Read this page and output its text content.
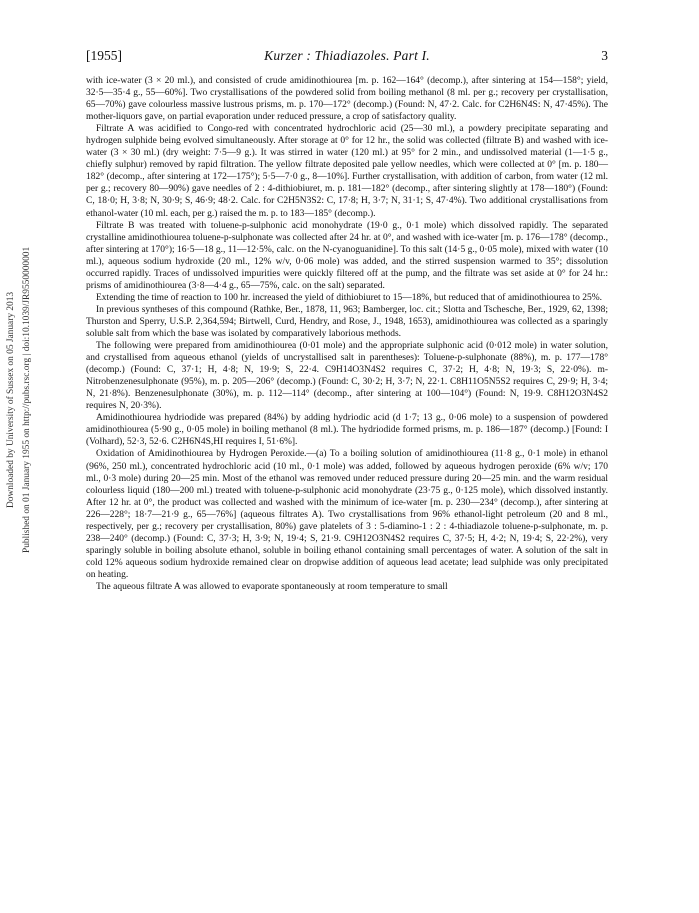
[1955]	Kurzer : Thiadiazoles. Part I.	3
Downloaded by University of Sussex on 05 January 2013 Published on 01 January 1955 on http://pubs.rsc.org | doi:10.1039/JR9550000001

with ice-water (3 × 20 ml.), and consisted of crude amidinothiourea [m. p. 162—164° (decomp.), after sintering at 154—158°; yield, 32·5—35·4 g., 55—60%]. Two crystallisations of the powdered solid from boiling methanol (8 ml. per g.; recovery per crystallisation, 65—70%) gave colourless massive lustrous prisms, m. p. 170—172° (decomp.) (Found: N, 47·2. Calc. for C2H6N4S: N, 47·45%). The mother-liquors gave, on partial evaporation under reduced pressure, a crop of satisfactory quality.

Filtrate A was acidified to Congo-red with concentrated hydrochloric acid (25—30 ml.), a powdery precipitate separating and hydrogen sulphide being evolved simultaneously. After storage at 0° for 12 hr., the solid was collected (filtrate B) and washed with ice-water (3 × 30 ml.) (dry weight: 7·5—9 g.). It was stirred in water (120 ml.) at 95° for 2 min., and undissolved material (1—1·5 g., chiefly sulphur) removed by rapid filtration. The yellow filtrate deposited pale yellow needles, which were collected at 0° [m. p. 180—182° (decomp., after sintering at 172—175°); 5·5—7·0 g., 8—10%]. Further crystallisation, with addition of carbon, from water (12 ml. per g.; recovery 80—90%) gave needles of 2 : 4-dithiobiuret, m. p. 181—182° (decomp., after sintering slightly at 178—180°) (Found: C, 18·0; H, 3·8; N, 30·9; S, 46·9; 48·2. Calc. for C2H5N3S2: C, 17·8; H, 3·7; N, 31·1; S, 47·4%). Two additional crystallisations from ethanol-water (10 ml. each, per g.) raised the m. p. to 183—185° (decomp.).

Filtrate B was treated with toluene-p-sulphonic acid monohydrate (19·0 g., 0·1 mole) which dissolved rapidly. The separated crystalline amidinothiourea toluene-p-sulphonate was collected after 24 hr. at 0°, and washed with ice-water [m. p. 176—178° (decomp., after sintering at 170°); 16·5—18 g., 11—12·5%, calc. on the N-cyanoguanidine]. To this salt (14·5 g., 0·05 mole), mixed with water (10 ml.), aqueous sodium hydroxide (20 ml., 12% w/v, 0·06 mole) was added, and the stirred suspension warmed to 35°; dissolution occurred rapidly. Traces of undissolved impurities were quickly filtered off at the pump, and the filtrate was set aside at 0° for 24 hr.: prisms of amidinothiourea (3·8—4·4 g., 65—75%, calc. on the salt) separated.

Extending the time of reaction to 100 hr. increased the yield of dithiobiuret to 15—18%, but reduced that of amidinothiourea to 25%.

In previous syntheses of this compound (Rathke, Ber., 1878, 11, 963; Bamberger, loc. cit.; Slotta and Tschesche, Ber., 1929, 62, 1398; Thurston and Sperry, U.S.P. 2,364,594; Birtwell, Curd, Hendry, and Rose, J., 1948, 1653), amidinothiourea was collected as a sparingly soluble salt from which the base was isolated by comparatively laborious methods.

The following were prepared from amidinothiourea (0·01 mole) and the appropriate sulphonic acid (0·012 mole) in water solution, and crystallised from aqueous ethanol (yields of uncrystallised salt in parentheses): Toluene-p-sulphonate (88%), m. p. 177—178° (decomp.) (Found: C, 37·1; H, 4·8; N, 19·9; S, 22·4. C9H14O3N4S2 requires C, 37·2; H, 4·8; N, 19·3; S, 22·0%). m-Nitrobenzenesulphonate (95%), m. p. 205—206° (decomp.) (Found: C, 30·2; H, 3·7; N, 22·1. C8H11O5N5S2 requires C, 29·9; H, 3·4; N, 21·8%). Benzenesulphonate (30%), m. p. 112—114° (decomp., after sintering at 100—104°) (Found: N, 19·9. C8H12O3N4S2 requires N, 20·3%).

Amidinothiourea hydriodide was prepared (84%) by adding hydriodic acid (d 1·7; 13 g., 0·06 mole) to a suspension of powdered amidinothiourea (5·90 g., 0·05 mole) in boiling methanol (8 ml.). The hydriodide formed prisms, m. p. 186—187° (decomp.) [Found: I (Volhard), 52·3, 52·6. C2H6N4S,HI requires I, 51·6%].

Oxidation of Amidinothiourea by Hydrogen Peroxide.—(a) To a boiling solution of amidinothiourea (11·8 g., 0·1 mole) in ethanol (96%, 250 ml.), concentrated hydrochloric acid (10 ml., 0·1 mole) was added, followed by aqueous hydrogen peroxide (6% w/v; 170 ml., 0·3 mole) during 20—25 min. Most of the ethanol was removed under reduced pressure during 20—25 min. and the warm residual colourless liquid (180—200 ml.) treated with toluene-p-sulphonic acid monohydrate (23·75 g., 0·125 mole), which dissolved instantly. After 12 hr. at 0°, the product was collected and washed with the minimum of ice-water [m. p. 230—234° (decomp.), after sintering at 226—228°; 18·7—21·9 g., 65—76%] (aqueous filtrates A). Two crystallisations from 96% ethanol-light petroleum (20 and 8 ml., respectively, per g.; recovery per crystallisation, 80%) gave platelets of 3 : 5-diamino-1 : 2 : 4-thiadiazole toluene-p-sulphonate, m. p. 238—240° (decomp.) (Found: C, 37·3; H, 3·9; N, 19·4; S, 21·9. C9H12O3N4S2 requires C, 37·5; H, 4·2; N, 19·4; S, 22·2%), very sparingly soluble in boiling absolute ethanol, soluble in boiling ethanol containing small percentages of water. A solution of the salt in cold 12% aqueous sodium hydroxide remained clear on dropwise addition of aqueous lead acetate; lead sulphide was only precipitated on heating.

The aqueous filtrate A was allowed to evaporate spontaneously at room temperature to small
